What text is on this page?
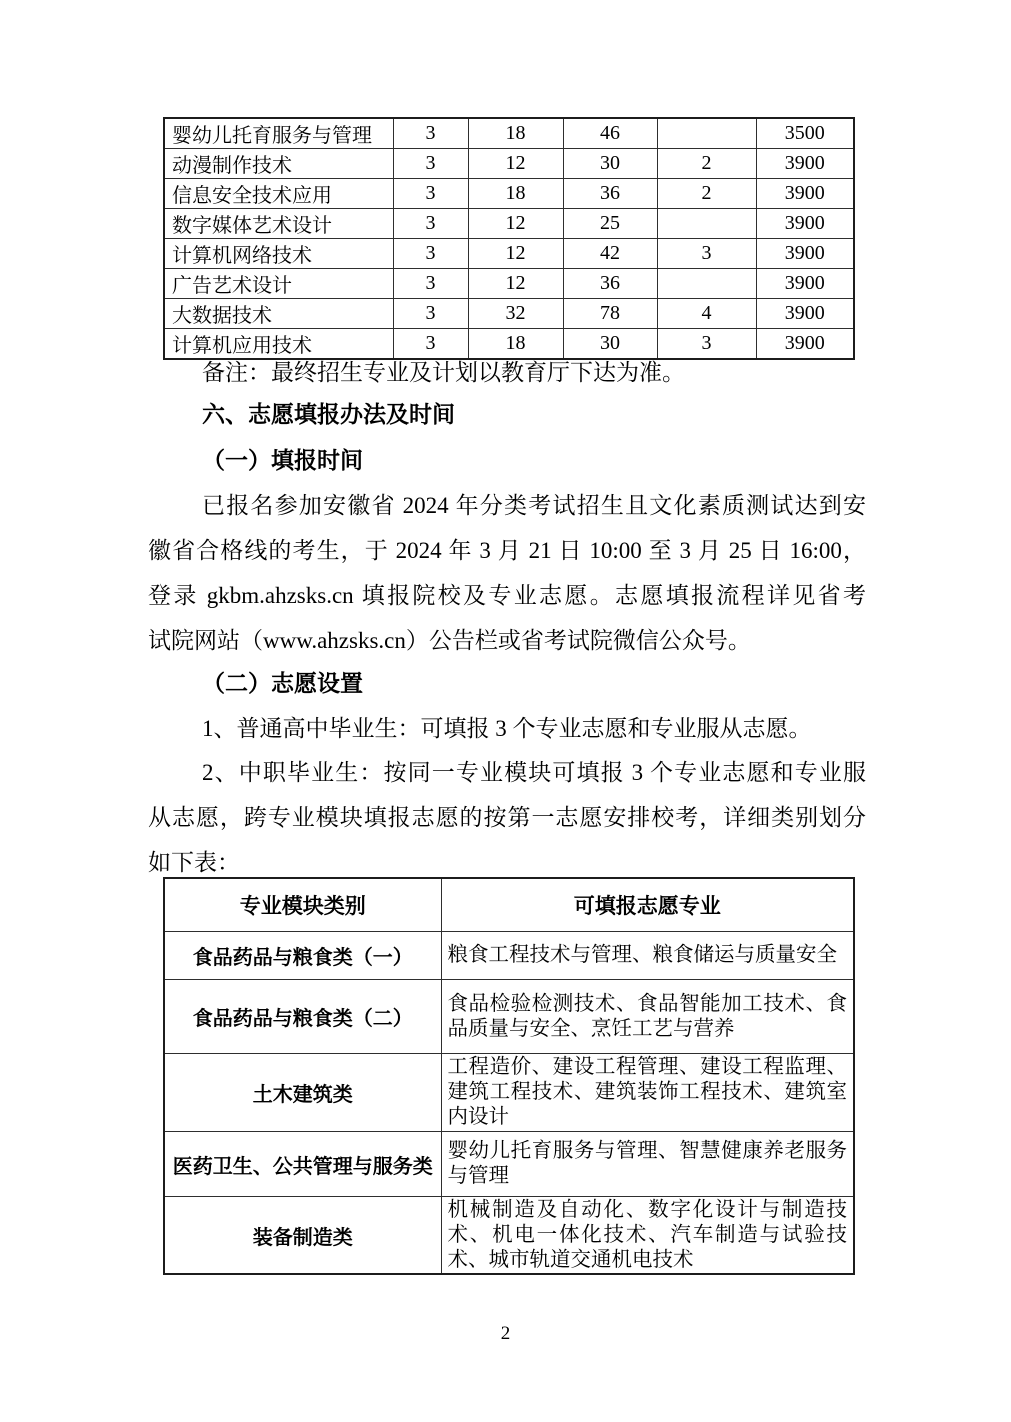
婴幼儿托育服务与管理	3	18	46		3500
动漫制作技术	3	12	30	2	3900
信息安全技术应用	3	18	36	2	3900
数字媒体艺术设计	3	12	25		3900
计算机网络技术	3	12	42	3	3900
广告艺术设计	3	12	36		3900
大数据技术	3	32	78	4	3900
计算机应用技术	3	18	30	3	3900
备注：最终招生专业及计划以教育厅下达为准。
六、志愿填报办法及时间
（一）填报时间
已报名参加安徽省 2024 年分类考试招生且文化素质测试达到安
徽省合格线的考生，于 2024 年 3 月 21 日 10:00 至 3 月 25 日 16:00，
登录 gkbm.ahzsks.cn 填报院校及专业志愿。志愿填报流程详见省考
试院网站（www.ahzsks.cn）公告栏或省考试院微信公众号。
（二）志愿设置
1、普通高中毕业生：可填报 3 个专业志愿和专业服从志愿。
2、中职毕业生：按同一专业模块可填报 3 个专业志愿和专业服
从志愿，跨专业模块填报志愿的按第一志愿安排校考，详细类别划分
如下表：
专业模块类别	可填报志愿专业
食品药品与粮食类（一）	粮食工程技术与管理、粮食储运与质量安全
食品药品与粮食类（二）	食品检验检测技术、食品智能加工技术、食品质量与安全、烹饪工艺与营养
土木建筑类	工程造价、建设工程管理、建设工程监理、建筑工程技术、建筑装饰工程技术、建筑室内设计
医药卫生、公共管理与服务类	婴幼儿托育服务与管理、智慧健康养老服务与管理
装备制造类	机械制造及自动化、数字化设计与制造技术、机电一体化技术、汽车制造与试验技术、城市轨道交通机电技术
2
